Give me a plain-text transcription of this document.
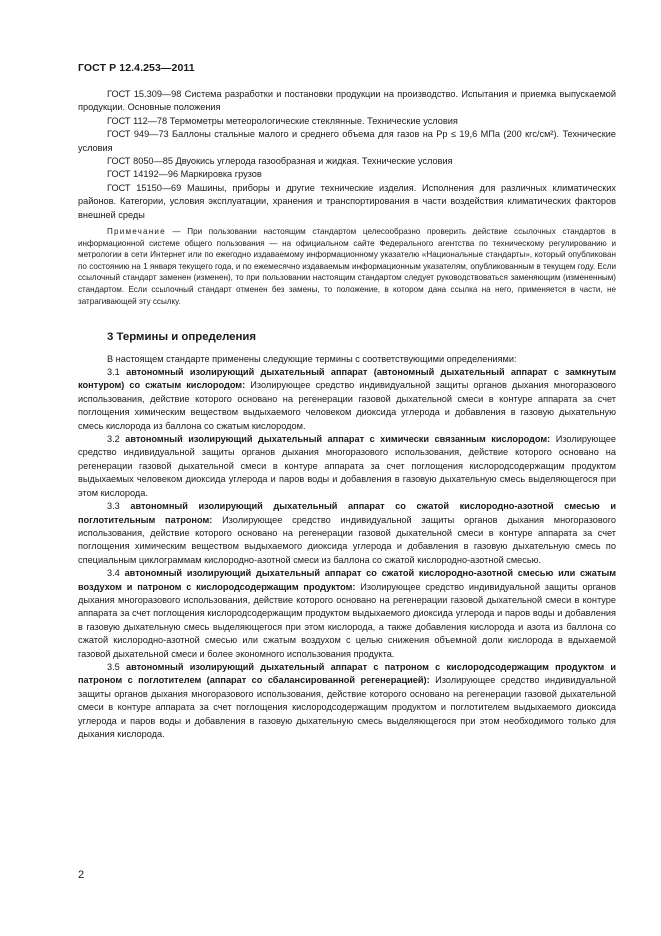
ГОСТ Р 12.4.253—2011

ГОСТ 15.309—98 Система разработки и постановки продукции на производство. Испытания и приемка выпускаемой продукции. Основные положения

ГОСТ 112—78 Термометры метеорологические стеклянные. Технические условия

ГОСТ 949—73 Баллоны стальные малого и среднего объема для газов на Pp ≤ 19,6 МПа (200 кгс/см²). Технические условия

ГОСТ 8050—85 Двуокись углерода газообразная и жидкая. Технические условия

ГОСТ 14192—96 Маркировка грузов

ГОСТ 15150—69 Машины, приборы и другие технические изделия. Исполнения для различных климатических районов. Категории, условия эксплуатации, хранения и транспортирования в части воздействия климатических факторов внешней среды

Примечание — При пользовании настоящим стандартом целесообразно проверить действие ссылочных стандартов в информационной системе общего пользования — на официальном сайте Федерального агентства по техническому регулированию и метрологии в сети Интернет или по ежегодно издаваемому информационному указателю «Национальные стандарты», который опубликован по состоянию на 1 января текущего года, и по ежемесячно издаваемым информационным указателям, опубликованным в текущем году. Если ссылочный стандарт заменен (изменен), то при пользовании настоящим стандартом следует руководствоваться заменяющим (измененным) стандартом. Если ссылочный стандарт отменен без замены, то положение, в котором дана ссылка на него, применяется в части, не затрагивающей эту ссылку.

3 Термины и определения

В настоящем стандарте применены следующие термины с соответствующими определениями:

3.1 автономный изолирующий дыхательный аппарат (автономный дыхательный аппарат с замкнутым контуром) со сжатым кислородом: Изолирующее средство индивидуальной защиты органов дыхания многоразового использования, действие которого основано на регенерации газовой дыхательной смеси в контуре аппарата за счет поглощения химическим веществом выдыхаемого человеком диоксида углерода и добавления в газовую дыхательную смесь кислорода из баллона со сжатым кислородом.

3.2 автономный изолирующий дыхательный аппарат с химически связанным кислородом: Изолирующее средство индивидуальной защиты органов дыхания многоразового использования, действие которого основано на регенерации газовой дыхательной смеси в контуре аппарата за счет поглощения кислородсодержащим продуктом выдыхаемых человеком диоксида углерода и паров воды и добавления в газовую дыхательную смесь выделяющегося при этом кислорода.

3.3 автономный изолирующий дыхательный аппарат со сжатой кислородно-азотной смесью и поглотительным патроном: Изолирующее средство индивидуальной защиты органов дыхания многоразового использования, действие которого основано на регенерации газовой дыхательной смеси в контуре аппарата за счет поглощения химическим веществом выдыхаемого диоксида углерода и добавления в газовую дыхательную смесь по специальным циклограммам кислородно-азотной смеси из баллона со сжатой кислородно-азотной смесью.

3.4 автономный изолирующий дыхательный аппарат со сжатой кислородно-азотной смесью или сжатым воздухом и патроном с кислородсодержащим продуктом: Изолирующее средство индивидуальной защиты органов дыхания многоразового использования, действие которого основано на регенерации газовой дыхательной смеси в контуре аппарата за счет поглощения кислородсодержащим продуктом выдыхаемого диоксида углерода и паров воды и добавления в газовую дыхательную смесь выделяющегося при этом кислорода, а также добавления кислорода и азота из баллона со сжатой кислородно-азотной смесью или сжатым воздухом с целью снижения объемной доли кислорода в вдыхаемой газовой дыхательной смеси и более экономного использования продукта.

3.5 автономный изолирующий дыхательный аппарат с патроном с кислородсодержащим продуктом и патроном с поглотителем (аппарат со сбалансированной регенерацией): Изолирующее средство индивидуальной защиты органов дыхания многоразового использования, действие которого основано на регенерации газовой дыхательной смеси в контуре аппарата за счет поглощения кислородсодержащим продуктом и поглотителем выдыхаемого диоксида углерода и паров воды и добавления в газовую дыхательную смесь выделяющегося при этом необходимого только для дыхания кислорода.

2
